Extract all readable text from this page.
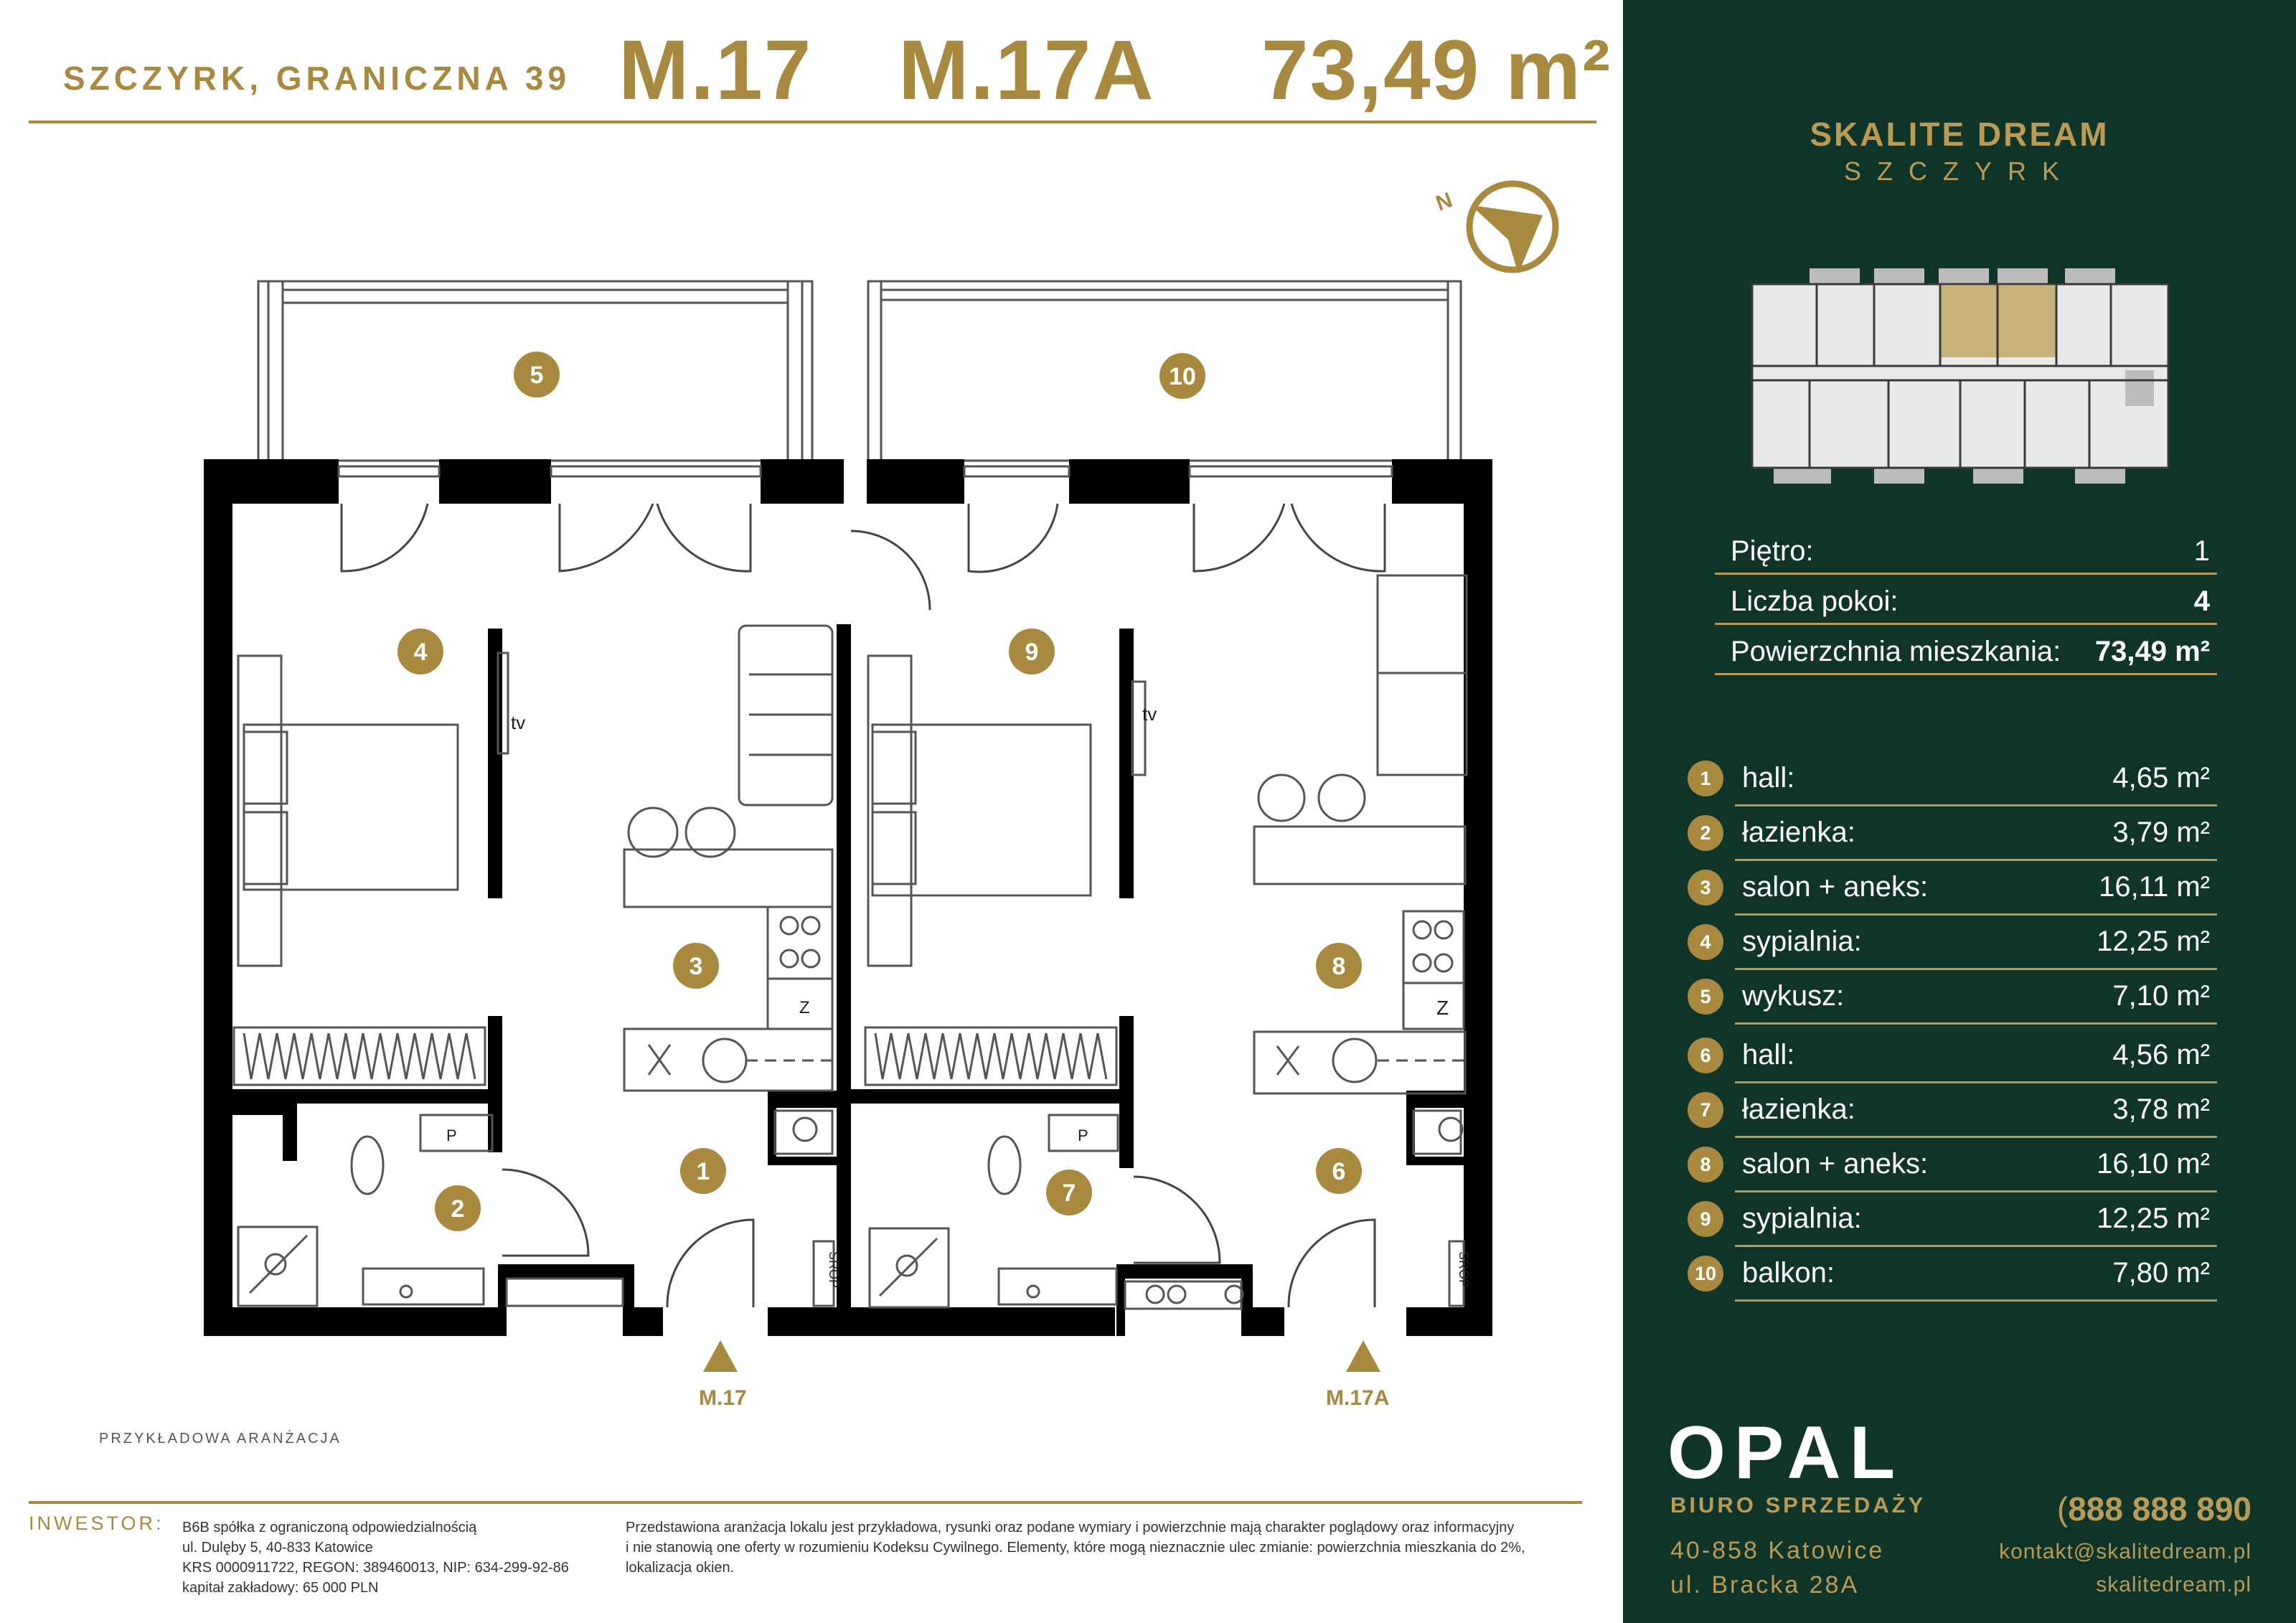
SZCZYRK, GRANICZNA 39 M.17 M.17A 73,49 m²
N
tv	tv
Z	Z
P	P
SROP	SROP
5	10
4	9
3	8
1	6
2
7
M.17	M.17A
PRZYKŁADOWA ARANŻACJA
INWESTOR: B6B spółka z ograniczoną odpowiedzialnością
ul. Dulęby 5, 40-833 Katowice
KRS 0000911722, REGON: 389460013, NIP: 634-299-92-86
kapitał zakładowy: 65 000 PLN
Przedstawiona aranżacja lokalu jest przykładowa, rysunki oraz podane wymiary i powierzchnie mają charakter poglądowy oraz informacyjny
i nie stanowią one oferty w rozumieniu Kodeksu Cywilnego. Elementy, które mogą nieznacznie ulec zmianie: powierzchnia mieszkania do 2%,
lokalizacja okien.
SKALITE DREAM
SZCZYRK
Piętro:	1
Liczba pokoi:	4
Powierzchnia mieszkania: 73,49 m²
1	hall:	4,65 m²
2	łazienka:	3,79 m²
3	salon + aneks:	16,11 m²
4	sypialnia:	12,25 m²
5	wykusz:	7,10 m²
6	hall:	4,56 m²
7	łazienka:	3,78 m²
8	salon + aneks:	16,10 m²
9	sypialnia:	12,25 m²
10 balkon:	7,80 m²
OPAL
BIURO SPRZEDAŻY	(888 888 890
40-858 Katowice
ul. Bracka 28A
kontakt@skalitedream.pl
skalitedream.pl
